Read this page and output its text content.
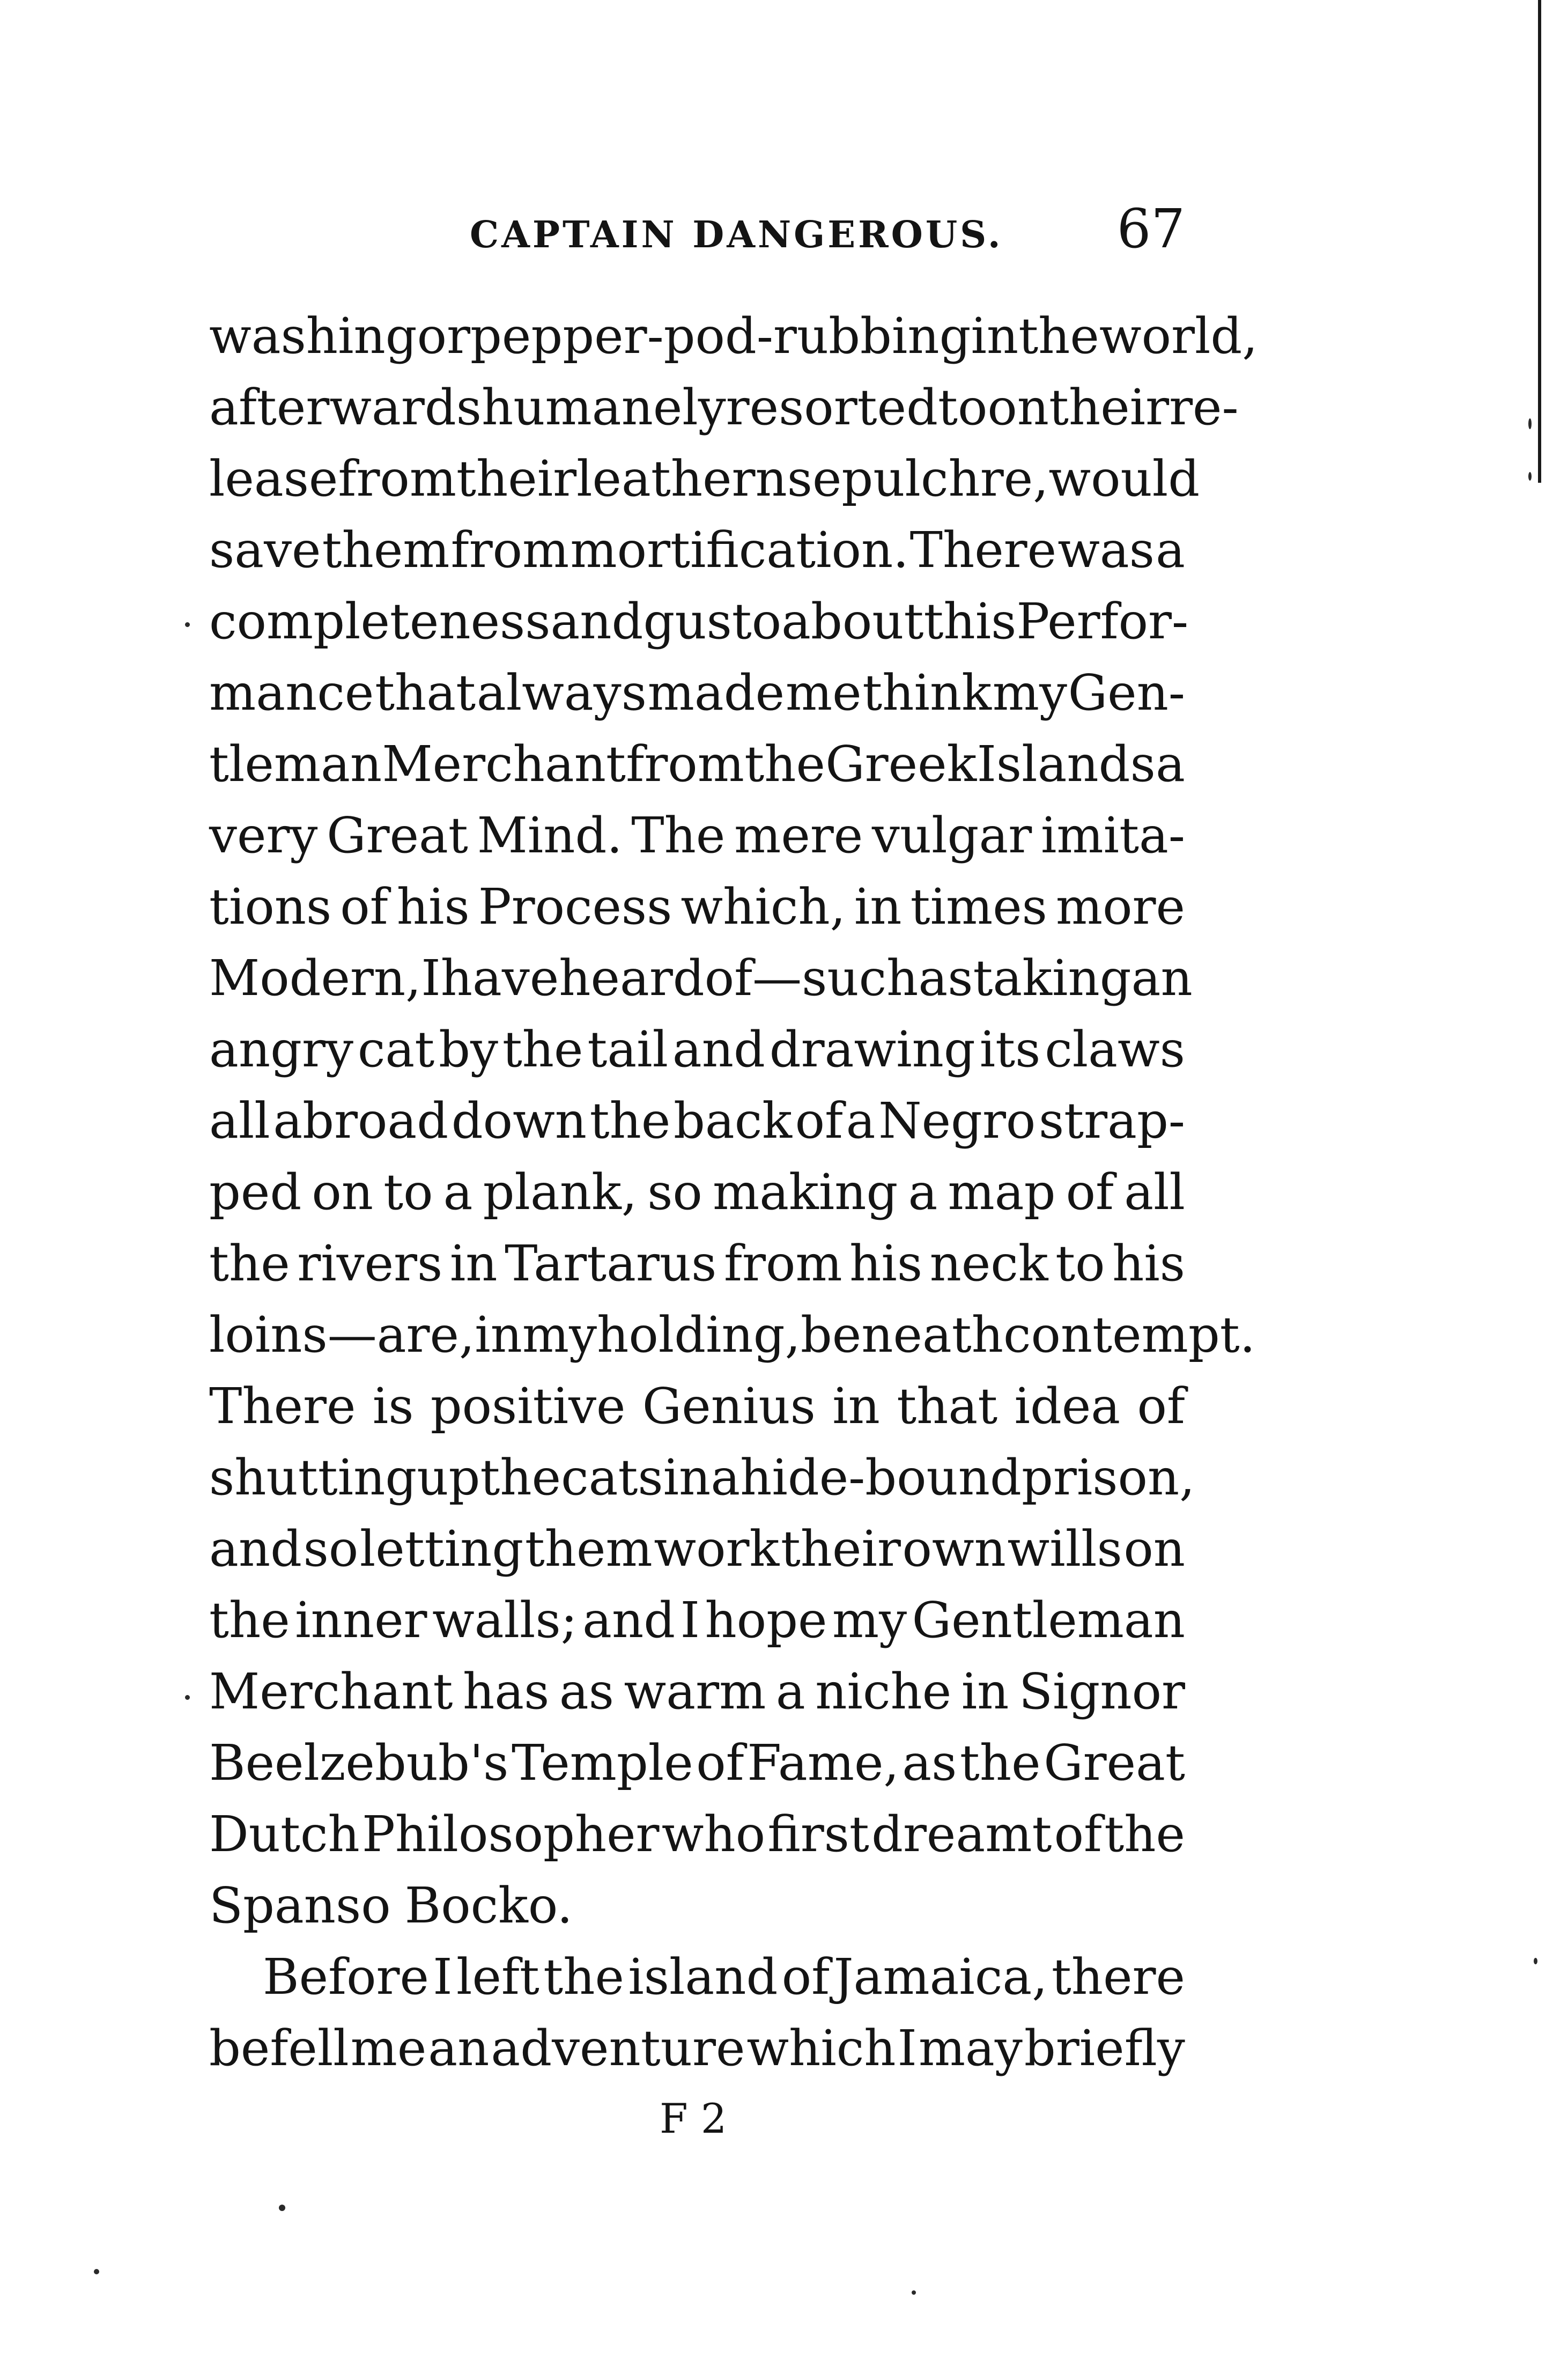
CAPTAIN DANGEROUS. 67
washing or pepper-pod-rubbing in the world,
afterwards humanely resorted to on their re-
lease from their leathern sepulchre, would
save them from mortification. There was a
completeness and gusto about this Perfor-
mance that always made me think my Gen-
tleman Merchant from the Greek Islands a
very Great Mind. The mere vulgar imita-
tions of his Process which, in times more
Modern, I have heard of—such as taking an
angry cat by the tail and drawing its claws
all abroad down the back of a Negro strap-
ped on to a plank, so making a map of all
the rivers in Tartarus from his neck to his
loins—are, in my holding, beneath contempt.
There is positive Genius in that idea of
shutting up the cats in a hide-bound prison,
and so letting them work their own wills on
the inner walls; and I hope my Gentleman
Merchant has as warm a niche in Signor
Beelzebub's Temple of Fame, as the Great
Dutch Philosopher who first dreamt of the
Spanso Bocko.
Before I left the island of Jamaica, there
befell me an adventure which I may briefly
F 2
